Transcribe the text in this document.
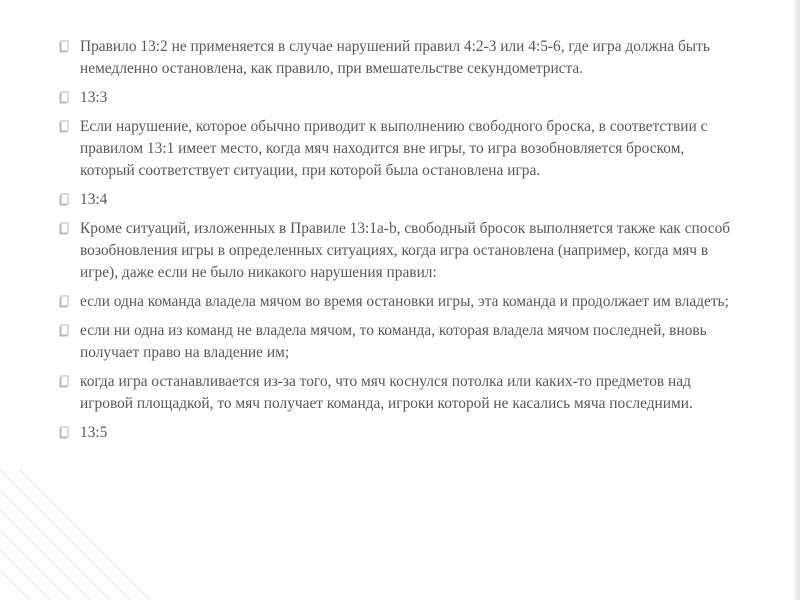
Правило 13:2 не применяется в случае нарушений правил 4:2-3 или 4:5-6, где игра должна быть немедленно остановлена, как правило, при вмешательстве секундометриста.
13:3
Если нарушение, которое обычно приводит к выполнению свободного броска, в соответствии с правилом 13:1 имеет место, когда мяч находится вне игры, то игра возобновляется броском, который соответствует ситуации, при которой была остановлена игра.
13:4
Кроме ситуаций, изложенных в Правиле 13:1a-b, свободный бросок выполняется также как способ возобновления игры в определенных ситуациях, когда игра остановлена (например, когда мяч в игре), даже если не было никакого нарушения правил:
если одна команда владела мячом во время остановки игры, эта команда и продолжает им владеть;
если ни одна из команд не владела мячом, то команда, которая владела мячом последней, вновь получает право на владение им;
когда игра останавливается из-за того, что мяч коснулся потолка или каких-то предметов над игровой площадкой, то мяч получает команда, игроки которой не касались мяча последними.
13:5
